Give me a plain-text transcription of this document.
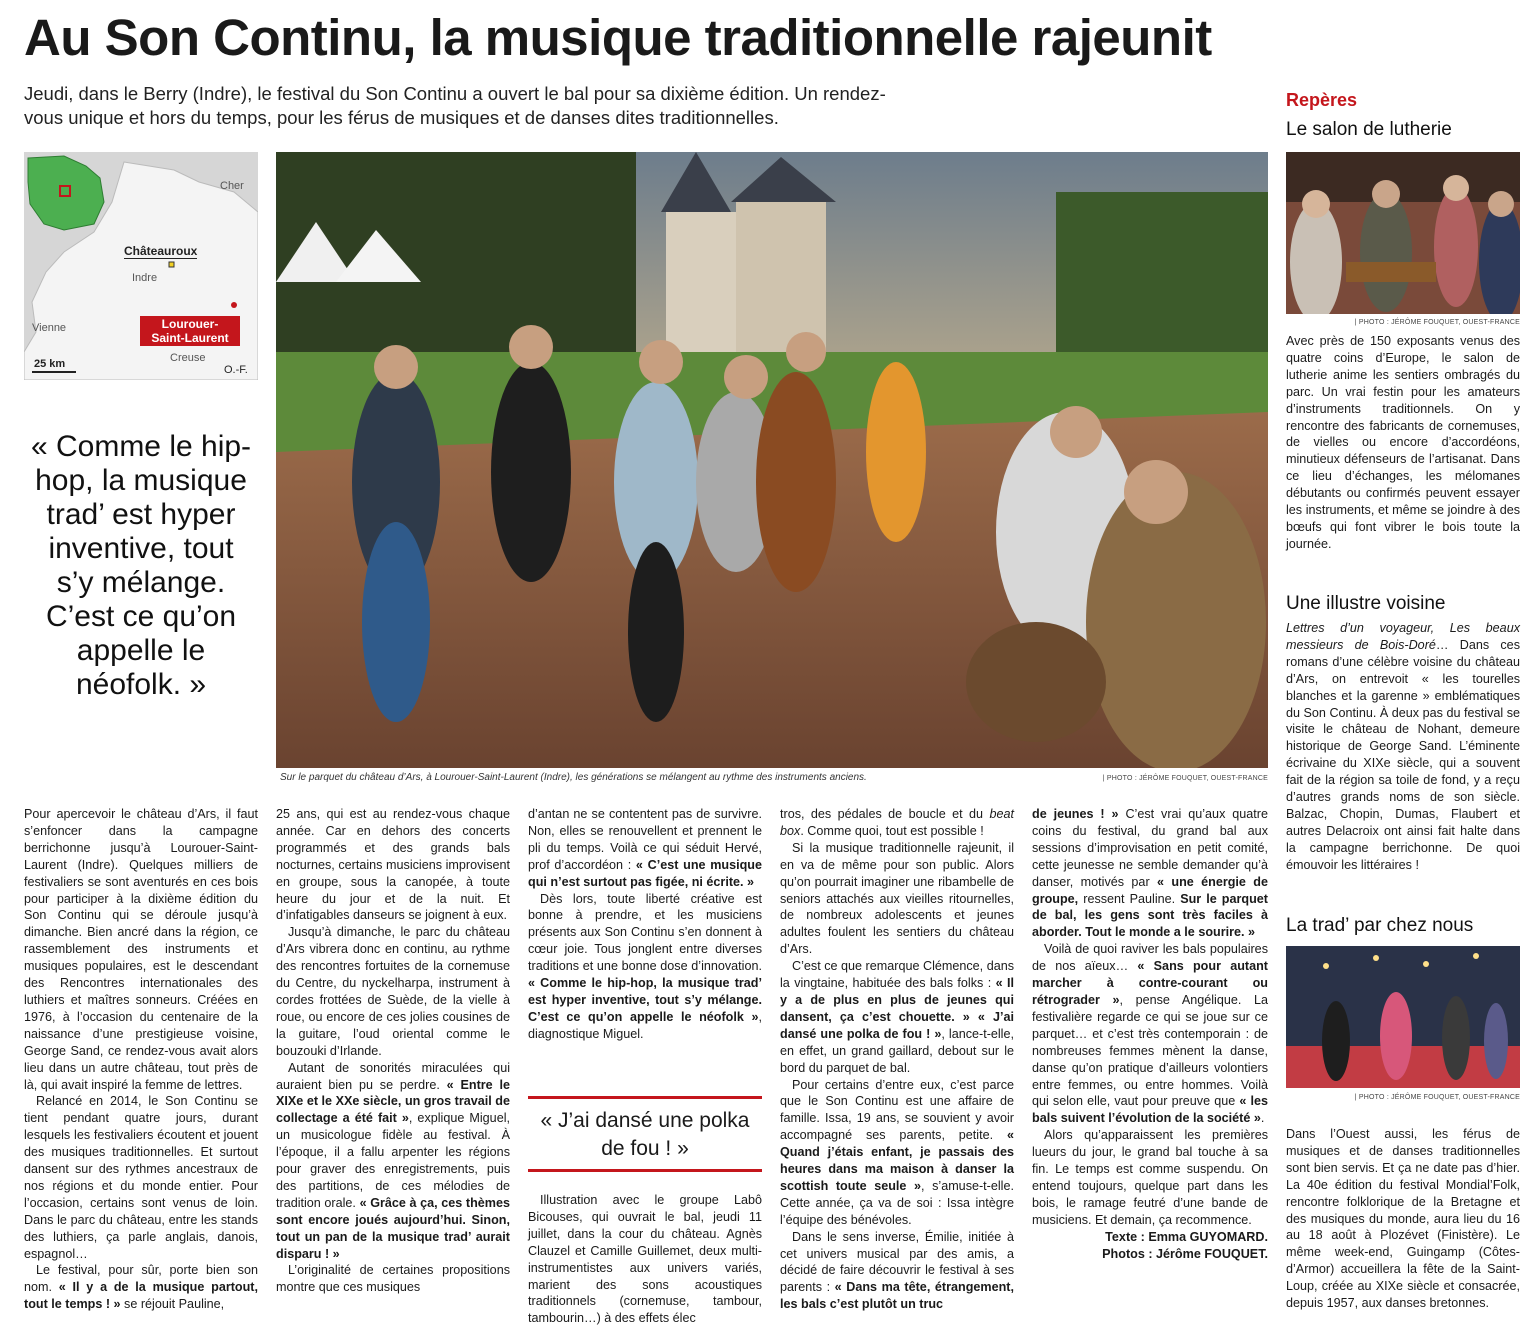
Au Son Continu, la musique traditionnelle rajeunit
Jeudi, dans le Berry (Indre), le festival du Son Continu a ouvert le bal pour sa dixième édition. Un rendez-vous unique et hors du temps, pour les férus de musiques et de danses dites traditionnelles.
Cher
Châteauroux
Indre
Vienne	Lourouer-
Saint-Laurent
Creuse
25 km	O.-F.
« Comme le hip-hop, la musique trad’ est hyper inventive, tout s’y mélange. C’est ce qu’on appelle le néofolk. »
Sur le parquet du château d’Ars, à Lourouer-Saint-Laurent (Indre), les générations se mélangent au rythme des instruments anciens.	| PHOTO : JÉRÔME FOUQUET, OUEST-FRANCE

Pour apercevoir le château d’Ars, il faut s’enfoncer dans la campagne berrichonne jusqu’à Lourouer-Saint-Laurent (Indre). Quelques milliers de festivaliers se sont aventurés en ces bois pour participer à la dixième édition du Son Continu qui se déroule jusqu’à dimanche. Bien ancré dans la région, ce rassemblement des instruments et musiques populaires, est le descendant des Rencontres internationales des luthiers et maîtres sonneurs. Créées en 1976, à l’occasion du centenaire de la naissance d’une prestigieuse voisine, George Sand, ce rendez-vous avait alors lieu dans un autre château, tout près de là, qui avait inspiré la femme de lettres.

Relancé en 2014, le Son Continu se tient pendant quatre jours, durant lesquels les festivaliers écoutent et jouent des musiques traditionnelles. Et surtout dansent sur des rythmes ancestraux de nos régions et du monde entier. Pour l’occasion, certains sont venus de loin. Dans le parc du château, entre les stands des luthiers, ça parle anglais, danois, espagnol…

Le festival, pour sûr, porte bien son nom. « Il y a de la musique partout, tout le temps ! » se réjouit Pauline,

25 ans, qui est au rendez-vous chaque année. Car en dehors des concerts programmés et des grands bals nocturnes, certains musiciens improvisent en groupe, sous la canopée, à toute heure du jour et de la nuit. Et d’infatigables danseurs se joignent à eux.

Jusqu’à dimanche, le parc du château d’Ars vibrera donc en continu, au rythme des rencontres fortuites de la cornemuse du Centre, du nyckelharpa, instrument à cordes frottées de Suède, de la vielle à roue, ou encore de ces jolies cousines de la guitare, l’oud oriental comme le bouzouki d’Irlande.

Autant de sonorités miraculées qui auraient bien pu se perdre. « Entre le XIXe et le XXe siècle, un gros travail de collectage a été fait », explique Miguel, un musicologue fidèle au festival. À l’époque, il a fallu arpenter les régions pour graver des enregistrements, puis des partitions, de ces mélodies de tradition orale. « Grâce à ça, ces thèmes sont encore joués aujourd’hui. Sinon, tout un pan de la musique trad’ aurait disparu ! »

L’originalité de certaines propositions montre que ces musiques

d’antan ne se contentent pas de survivre. Non, elles se renouvellent et prennent le pli du temps. Voilà ce qui séduit Hervé, prof d’accordéon : « C’est une musique qui n’est surtout pas figée, ni écrite. »

Dès lors, toute liberté créative est bonne à prendre, et les musiciens présents aux Son Continu s’en donnent à cœur joie. Tous jonglent entre diverses traditions et une bonne dose d’innovation. « Comme le hip-hop, la musique trad’ est hyper inventive, tout s’y mélange. C’est ce qu’on appelle le néofolk », diagnostique Miguel.

« J’ai dansé une polka de fou ! »

Illustration avec le groupe Labô Bicouses, qui ouvrait le bal, jeudi 11 juillet, dans la cour du château. Agnès Clauzel et Camille Guillemet, deux multi-instrumentistes aux univers variés, marient des sons acoustiques traditionnels (cornemuse, tambour, tambourin…) à des effets élec

tros, des pédales de boucle et du beat box. Comme quoi, tout est possible !

Si la musique traditionnelle rajeunit, il en va de même pour son public. Alors qu’on pourrait imaginer une ribambelle de seniors attachés aux vieilles ritournelles, de nombreux adolescents et jeunes adultes foulent les sentiers du château d’Ars.

C’est ce que remarque Clémence, dans la vingtaine, habituée des bals folks : « Il y a de plus en plus de jeunes qui dansent, ça c’est chouette. » « J’ai dansé une polka de fou ! », lance-t-elle, en effet, un grand gaillard, debout sur le bord du parquet de bal.

Pour certains d’entre eux, c’est parce que le Son Continu est une affaire de famille. Issa, 19 ans, se souvient y avoir accompagné ses parents, petite. « Quand j’étais enfant, je passais des heures dans ma maison à danser la scottish toute seule », s’amuse-t-elle. Cette année, ça va de soi : Issa intègre l’équipe des bénévoles.

Dans le sens inverse, Émilie, initiée à cet univers musical par des amis, a décidé de faire découvrir le festival à ses parents : « Dans ma tête, étrangement, les bals c’est plutôt un truc

de jeunes ! » C’est vrai qu’aux quatre coins du festival, du grand bal aux sessions d’improvisation en petit comité, cette jeunesse ne semble demander qu’à danser, motivés par « une énergie de groupe, ressent Pauline. Sur le parquet de bal, les gens sont très faciles à aborder. Tout le monde a le sourire. »

Voilà de quoi raviver les bals populaires de nos aïeux… « Sans pour autant marcher à contre-courant ou rétrograder », pense Angélique. La festivalière regarde ce qui se joue sur ce parquet… et c’est très contemporain : de nombreuses femmes mènent la danse, danse qu’on pratique d’ailleurs volontiers entre femmes, ou entre hommes. Voilà qui selon elle, vaut pour preuve que « les bals suivent l’évolution de la société ».

Alors qu’apparaissent les premières lueurs du jour, le grand bal touche à sa fin. Le temps est comme suspendu. On entend toujours, quelque part dans les bois, le ramage feutré d’une bande de musiciens. Et demain, ça recommence.

Texte : Emma GUYOMARD.

Photos : Jérôme FOUQUET.

Repères
Le salon de lutherie
| PHOTO : JÉRÔME FOUQUET, OUEST-FRANCE

Avec près de 150 exposants venus des quatre coins d’Europe, le salon de lutherie anime les sentiers ombragés du parc. Un vrai festin pour les amateurs d’instruments traditionnels. On y rencontre des fabricants de cornemuses, de vielles ou encore d’accordéons, minutieux défenseurs de l’artisanat. Dans ce lieu d’échanges, les mélomanes débutants ou confirmés peuvent essayer les instruments, et même se joindre à des bœufs qui font vibrer le bois toute la journée.

Une illustre voisine

Lettres d’un voyageur, Les beaux messieurs de Bois-Doré… Dans ces romans d’une célèbre voisine du château d’Ars, on entrevoit « les tourelles blanches et la garenne » emblématiques du Son Continu. À deux pas du festival se visite le château de Nohant, demeure historique de George Sand. L’éminente écrivaine du XIXe siècle, qui a souvent fait de la région sa toile de fond, y a reçu d’autres grands noms de son siècle. Balzac, Chopin, Dumas, Flaubert et autres Delacroix ont ainsi fait halte dans la campagne berrichonne. De quoi émouvoir les littéraires !

La trad’ par chez nous
| PHOTO : JÉRÔME FOUQUET, OUEST-FRANCE

Dans l’Ouest aussi, les férus de musiques et de danses traditionnelles sont bien servis. Et ça ne date pas d’hier. La 40e édition du festival Mondial’Folk, rencontre folklorique de la Bretagne et des musiques du monde, aura lieu du 16 au 18 août à Plozévet (Finistère). Le même week-end, Guingamp (Côtes-d’Armor) accueillera la fête de la Saint-Loup, créée au XIXe siècle et consacrée, depuis 1957, aux danses bretonnes.
